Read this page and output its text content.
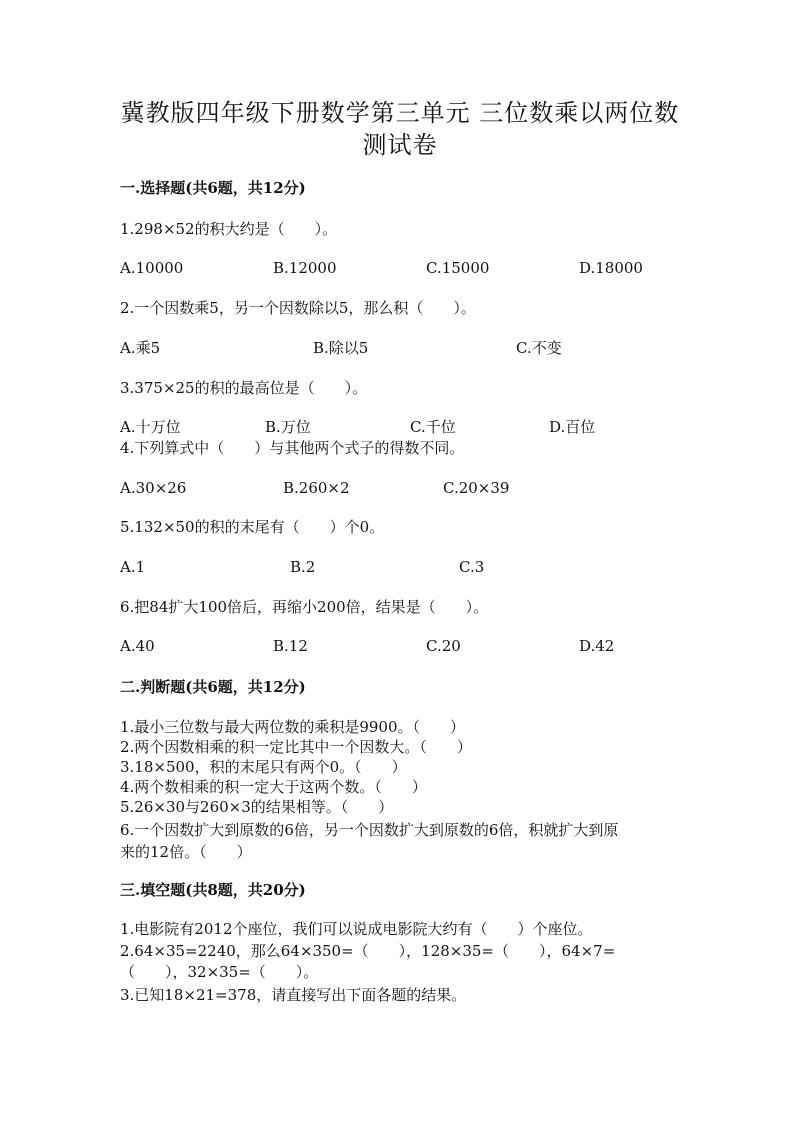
冀教版四年级下册数学第三单元 三位数乘以两位数
测试卷
一.选择题(共6题，共12分)
1.298×52的积大约是（　　）。
A.10000	B.12000	C.15000	D.18000
2.一个因数乘5，另一个因数除以5，那么积（　　）。
A.乘5	B.除以5	C.不变
3.375×25的积的最高位是（　　）。
A.十万位	B.万位	C.千位	D.百位
4.下列算式中（　　）与其他两个式子的得数不同。
A.30×26	B.260×2	C.20×39
5.132×50的积的末尾有（　　）个0。
A.1	B.2	C.3
6.把84扩大100倍后，再缩小200倍，结果是（　　）。
A.40	B.12	C.20	D.42
二.判断题(共6题，共12分)
1.最小三位数与最大两位数的乘积是9900。（　　）
2.两个因数相乘的积一定比其中一个因数大。（　　）
3.18×500，积的末尾只有两个0。（　　）
4.两个数相乘的积一定大于这两个数。（　　）
5.26×30与260×3的结果相等。（　　）
6.一个因数扩大到原数的6倍，另一个因数扩大到原数的6倍，积就扩大到原
来的12倍。（　　）
三.填空题(共8题，共20分)
1.电影院有2012个座位，我们可以说成电影院大约有（　　）个座位。
2.64×35=2240，那么64×350=（　　），128×35=（　　），64×7=
（　　），32×35=（　　）。
3.已知18×21=378，请直接写出下面各题的结果。
